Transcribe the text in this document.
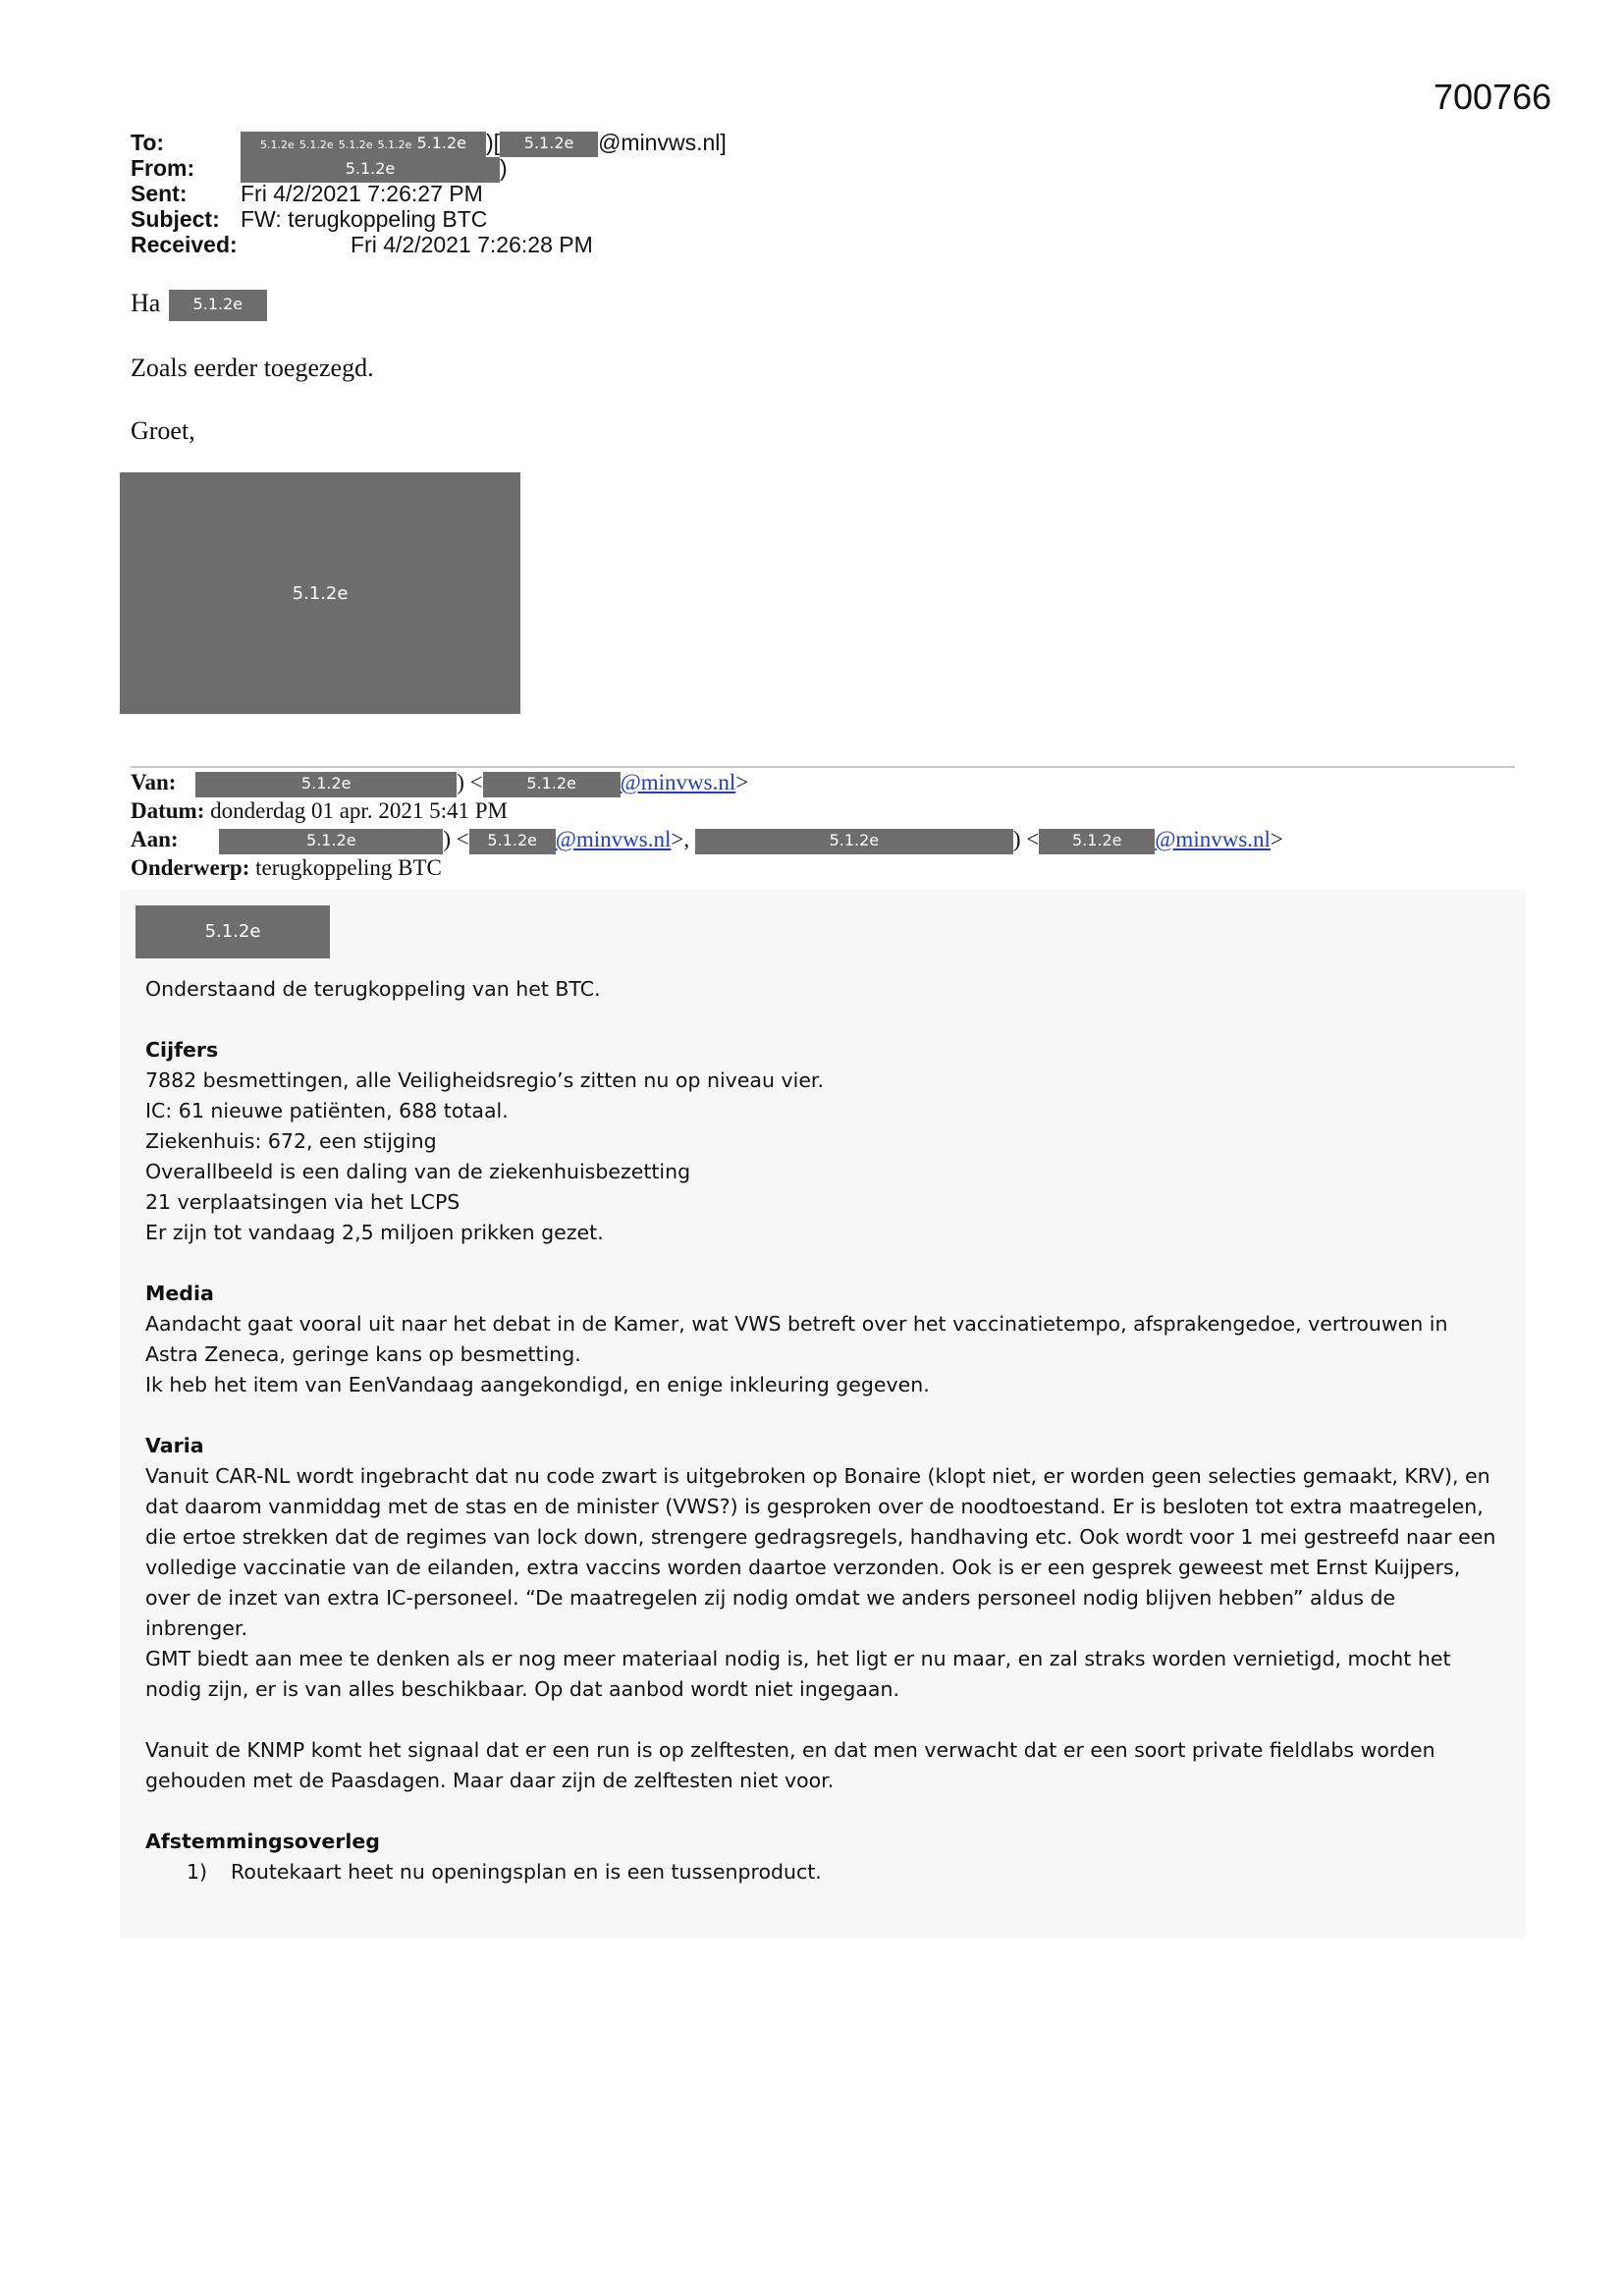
700766
To:	5.1.2e 5.1.2e 5.1.2e 5.1.2e 5.1.2e )[ 5.1.2e @minvws.nl]
From:	5.1.2e	)
Sent: Fri 4/2/2021 7:26:27 PM
Subject: FW: terugkoppeling BTC
Received:	Fri 4/2/2021 7:26:28 PM
Ha 5.1.2e
Zoals eerder toegezegd.
Groet,
5.1.2e
Van:	5.1.2e	) <	5.1.2e @minvws.nl>
Datum: donderdag 01 apr. 2021 5:41 PM
Aan:	5.1.2e	) < 5.1.2e @minvws.nl>,	5.1.2e	) < 5.1.2e @minvws.nl>
Onderwerp: terugkoppeling BTC
5.1.2e

Onderstaand de terugkoppeling van het BTC.

Cijfers

7882 besmettingen, alle Veiligheidsregio’s zitten nu op niveau vier.

IC: 61 nieuwe patiënten, 688 totaal.

Ziekenhuis: 672, een stijging

Overallbeeld is een daling van de ziekenhuisbezetting

21 verplaatsingen via het LCPS

Er zijn tot vandaag 2,5 miljoen prikken gezet.

Media

Aandacht gaat vooral uit naar het debat in de Kamer, wat VWS betreft over het vaccinatietempo, afsprakengedoe, vertrouwen in Astra Zeneca, geringe kans op besmetting.

Ik heb het item van EenVandaag aangekondigd, en enige inkleuring gegeven.

Varia

Vanuit CAR-NL wordt ingebracht dat nu code zwart is uitgebroken op Bonaire (klopt niet, er worden geen selecties gemaakt, KRV), en dat daarom vanmiddag met de stas en de minister (VWS?) is gesproken over de noodtoestand. Er is besloten tot extra maatregelen, die ertoe strekken dat de regimes van lock down, strengere gedragsregels, handhaving etc. Ook wordt voor 1 mei gestreefd naar een volledige vaccinatie van de eilanden, extra vaccins worden daartoe verzonden. Ook is er een gesprek geweest met Ernst Kuijpers, over de inzet van extra IC-personeel. “De maatregelen zij nodig omdat we anders personeel nodig blijven hebben” aldus de inbrenger.

GMT biedt aan mee te denken als er nog meer materiaal nodig is, het ligt er nu maar, en zal straks worden vernietigd, mocht het nodig zijn, er is van alles beschikbaar. Op dat aanbod wordt niet ingegaan.

Vanuit de KNMP komt het signaal dat er een run is op zelftesten, en dat men verwacht dat er een soort private fieldlabs worden gehouden met de Paasdagen. Maar daar zijn de zelftesten niet voor.

Afstemmingsoverleg

1) Routekaart heet nu openingsplan en is een tussenproduct.
